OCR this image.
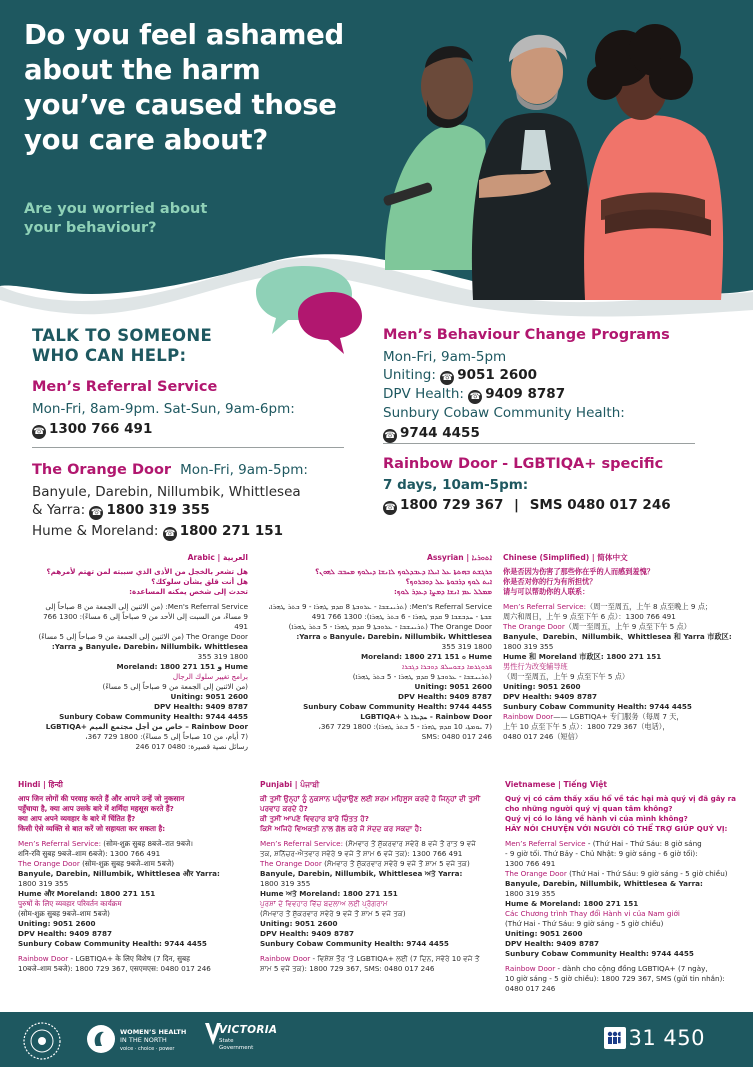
Do you feel ashamed
about the harm
you’ve caused those
you care about?
Are you worried about
your behaviour?
TALK TO SOMEONE
WHO CAN HELP:
Men’s Referral Service
Mon-Fri, 8am-9pm. Sat-Sun, 9am-6pm:
☎ 1300 766 491
The Orange Door Mon-Fri, 9am-5pm:
Banyule, Darebin, Nillumbik, Whittlesea
& Yarra: ☎ 1800 319 355
Hume & Moreland: ☎ 1800 271 151
Men’s Behaviour Change Programs
Mon-Fri, 9am-5pm
Uniting: ☎ 9051 2600
DPV Health: ☎ 9409 8787
Sunbury Cobaw Community Health:
☎ 9744 4455
Rainbow Door - LGBTIQA+ specific
7 days, 10am-5pm:
☎ 1800 729 367 | SMS 0480 017 246
العربية | Arabic
هل تشعر بالخجل من الأذى الذي سببته لمن تهتم لأمرهم؟
هل أنت قلق بشأن سلوكك؟
تحدث إلى شخص يمكنه المساعدة:
Men's Referral Service: (من الاثنين إلى الجمعة من 8 صباحاً إلى
9 مساءً، من السبت إلى الأحد من 9 صباحاً إلى 6 مساءً): 1300 766 491
The Orange Door (من الاثنين إلى الجمعة من 9 صباحاً إلى 5 مساءً)
Banyule، Darebin، Nillumbik، Whittlesea و Yarra:
1800 319 355
Hume و Moreland: 1800 271 151
برامج تغيير سلوك الرجال
(من الاثنين إلى الجمعة من 9 صباحاً إلى 5 مساءً)
Uniting: 9051 2600
DPV Health: 9409 8787
Sunbury Cobaw Community Health: 9744 4455
Rainbow Door – خاص من أجل مجتمع الميم +LGBTIQA
(7 أيام، من 10 صباحاً إلى 5 مساءً): 1800 729 367،
رسائل نصية قصيرة: 0480 017 246
ܐܬܘܪܝܐ | Assyrian
ܟܪܓܫܬ ܒܗܬܬܐ ܥܠ ܐܝܠܐ ܕܥܒܕܠܘܟ ܠܐܢܫܐ ܕܝܠܘܟ ܡܚܒܒ ܠܗܘܢ؟
ܐܝܬ ܠܘܟ ܕܪܒܘܬܐ ܥܠ ܕܘܒܪܘܟ؟
ܡܡܠܠ ܥܡ ܐܢܫܐ ܕܡܨܐ ܕܥܕܪ ܠܘܟ:
Men's Referral Service: (ܬܪܝܢܫܒܐ - ܥܪܘܒܬܐ 8 ܩܕܡ ܛܗܪܐ - 9 ܒܬܪ ܛܗܪܐ،
ܫܒܬܐ - ܚܕܒܫܒܐ 9 ܩܕܡ ܛܗܪܐ - 6 ܒܬܪ ܛܗܪܐ): 1300 766 491
The Orange Door (ܬܪܝܢܫܒܐ - ܥܪܘܒܬܐ 9 ܩܕܡ ܛܗܪܐ - 5 ܒܬܪ ܛܗܪܐ)
Banyule، Darebin، Nillumbik، Whittlesea ܘ Yarra:
1800 319 355
Hume ܘ Moreland: 1800 271 151
ܦܪܘܓܪܡܐ ܕܫܘܚܠܦ ܕܘܒܪܐ ܕܓܒܪܐ
(ܬܪܝܢܫܒܐ - ܥܪܘܒܬܐ 9 ܩܕܡ ܛܗܪܐ - 5 ܒܬܪ ܛܗܪܐ)
Uniting: 9051 2600
DPV Health: 9409 8787
Sunbury Cobaw Community Health: 9744 4455
Rainbow Door - ܚܕܝܪܐ ܠ +LGBTIQA
(7 ܝܘܡܬܐ، 10 ܩܕܡ ܛܗܪܐ - 5 ܒܬܪ ܛܗܪܐ): 1800 729 367،
SMS: 0480 017 246
Chinese (Simplified) | 简体中文
你是否因为伤害了那些你在乎的人而感到羞愧？
你是否对你的行为有所担忧？
请与可以帮助你的人联系：
Men’s Referral Service:（周一至周五，上午 8 点至晚上 9 点；
周六和周日，上午 9 点至下午 6 点）：1300 766 491
The Orange Door（周一至周五，上午 9 点至下午 5 点）
Banyule、Darebin、Nillumbik、Whittlesea 和 Yarra 市政区:
1800 319 355
Hume 和 Moreland 市政区: 1800 271 151
男性行为改变辅导班
（周一至周五，上午 9 点至下午 5 点）
Uniting: 9051 2600
DPV Health: 9409 8787
Sunbury Cobaw Community Health: 9744 4455
Rainbow Door—— LGBTIQA+ 专门服务（每周 7 天，
上午 10 点至下午 5 点）：1800 729 367（电话），
0480 017 246（短信）
Hindi | हिन्दी
आप जिन लोगों की परवाह करते हैं और आपने उन्हें जो नुकसान
पहुँचाया है, क्या आप उसके बारे में शर्मिंदा महसूस करते हैं?
क्या आप अपने व्यवहार के बारे में चिंतित हैं?
किसी ऐसे व्यक्ति से बात करें जो सहायता कर सकता है:
Men’s Referral Service: (सोम-शुक्र सुबह 8बजे–रात 9बजे।
शनि-रवि सुबह 9बजे–शाम 6बजे): 1300 766 491
The Orange Door (सोम-शुक्र सुबह 9बजे–शाम 5बजे)
Banyule, Darebin, Nillumbik, Whittlesea और Yarra:
1800 319 355
Hume और Moreland: 1800 271 151
पुरुषों के लिए व्यवहार परिवर्तन कार्यक्रम
(सोम-शुक्र सुबह 9बजे–शाम 5बजे)
Uniting: 9051 2600
DPV Health: 9409 8787
Sunbury Cobaw Community Health: 9744 4455
Rainbow Door - LGBTIQA+ के लिए विशेष (7 दिन, सुबह
10बजे–शाम 5बजे): 1800 729 367, एसएमएस: 0480 017 246
Punjabi | ਪੰਜਾਬੀ
ਕੀ ਤੁਸੀਂ ਉਨ੍ਹਾਂ ਨੂੰ ਨੁਕਸਾਨ ਪਹੁੰਚਾਉਣ ਲਈ ਸ਼ਰਮ ਮਹਿਸੂਸ ਕਰਦੇ ਹੋ ਜਿਨ੍ਹਾਂ ਦੀ ਤੁਸੀਂ
ਪਰਵਾਹ ਕਰਦੇ ਹੋ?
ਕੀ ਤੁਸੀਂ ਆਪਣੇ ਵਿਵਹਾਰ ਬਾਰੇ ਚਿੰਤਤ ਹੋ?
ਕਿਸੇ ਅਜਿਹੇ ਵਿਅਕਤੀ ਨਾਲ ਗੱਲ ਕਰੋ ਜੋ ਮੱਦਦ ਕਰ ਸਕਦਾ ਹੈ:
Men’s Referral Service: (ਸੋਮਵਾਰ ਤੋਂ ਸ਼ੁੱਕਰਵਾਰ ਸਵੇਰੇ 8 ਵਜੇ ਤੋਂ ਰਾਤ 9 ਵਜੇ
ਤਕ, ਸ਼ਨਿੱਚਰ-ਐਤਵਾਰ ਸਵੇਰੇ 9 ਵਜੇ ਤੋਂ ਸ਼ਾਮ 6 ਵਜੇ ਤਕ): 1300 766 491
The Orange Door (ਸੋਮਵਾਰ ਤੋਂ ਸ਼ੁੱਕਰਵਾਰ ਸਵੇਰੇ 9 ਵਜੇ ਤੋਂ ਸ਼ਾਮ 5 ਵਜੇ ਤਕ)
Banyule, Darebin, Nillumbik, Whittlesea ਅਤੇ Yarra:
1800 319 355
Hume ਅਤੇ Moreland: 1800 271 151
ਪੁਰਸ਼ਾਂ ਦੇ ਵਿਵਹਾਰ ਵਿੱਚ ਬਦਲਾਅ ਲਈ ਪ੍ਰੋਗਰਾਮ
(ਸੋਮਵਾਰ ਤੋਂ ਸ਼ੁੱਕਰਵਾਰ ਸਵੇਰੇ 9 ਵਜੇ ਤੋਂ ਸ਼ਾਮ 5 ਵਜੇ ਤਕ)
Uniting: 9051 2600
DPV Health: 9409 8787
Sunbury Cobaw Community Health: 9744 4455
Rainbow Door - ਵਿਸ਼ੇਸ਼ ਤੌਰ 'ਤੇ LGBTIQA+ ਲਈ (7 ਦਿਨ, ਸਵੇਰੇ 10 ਵਜੇ ਤੋਂ
ਸ਼ਾਮ 5 ਵਜੇ ਤਕ): 1800 729 367, SMS: 0480 017 246
Vietnamese | Tiếng Việt
Quý vị có cảm thấy xấu hổ về tác hại mà quý vị đã gây ra
cho những người quý vị quan tâm không?
Quý vị có lo lắng về hành vi của mình không?
HÃY NÓI CHUYỆN VỚI NGƯỜI CÓ THỂ TRỢ GIÚP QUÝ VỊ:
Men’s Referral Service - (Thứ Hai - Thứ Sáu: 8 giờ sáng
- 9 giờ tối. Thứ Bảy - Chủ Nhật: 9 giờ sáng - 6 giờ tối):
1300 766 491
The Orange Door (Thứ Hai - Thứ Sáu: 9 giờ sáng - 5 giờ chiều)
Banyule, Darebin, Nillumbik, Whittlesea & Yarra:
1800 319 355
Hume & Moreland: 1800 271 151
Các Chương trình Thay đổi Hành vi của Nam giới
(Thứ Hai - Thứ Sáu: 9 giờ sáng - 5 giờ chiều)
Uniting: 9051 2600
DPV Health: 9409 8787
Sunbury Cobaw Community Health: 9744 4455
Rainbow Door - dành cho cộng đồng LGBTIQA+ (7 ngày,
10 giờ sáng - 5 giờ chiều): 1800 729 367, SMS (gửi tin nhắn):
0480 017 246
WOMEN’S HEALTH
IN THE NORTH
voice · choice · power
VICTORIA
State
Government	131 450
